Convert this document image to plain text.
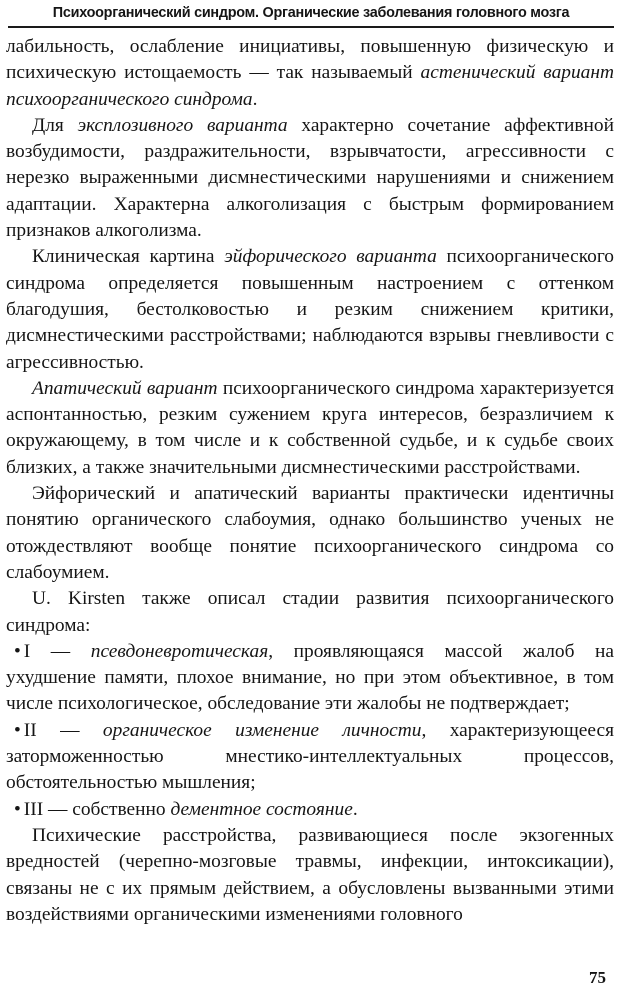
Психоорганический синдром. Органические заболевания головного мозга

лабильность, ослабление инициативы, повышенную физическую и психическую истощаемость — так называемый астенический вариант психоорганического синдрома.

Для эксплозивного варианта характерно сочетание аффективной возбудимости, раздражительности, взрывчатости, агрессивности с нерезко выраженными дисмнестическими нарушениями и снижением адаптации. Характерна алкоголизация с быстрым формированием признаков алкоголизма.

Клиническая картина эйфорического варианта психоорганического синдрома определяется повышенным настроением с оттенком благодушия, бестолковостью и резким снижением критики, дисмнестическими расстройствами; наблюдаются взрывы гневливости с агрессивностью.

Апатический вариант психоорганического синдрома характеризуется аспонтанностью, резким сужением круга интересов, безразличием к окружающему, в том числе и к собственной судьбе, и к судьбе своих близких, а также значительными дисмнестическими расстройствами.

Эйфорический и апатический варианты практически идентичны понятию органического слабоумия, однако большинство ученых не отождествляют вообще понятие психоорганического синдрома со слабоумием.

U. Kirsten также описал стадии развития психоорганического синдрома:

• I — псевдоневротическая, проявляющаяся массой жалоб на ухудшение памяти, плохое внимание, но при этом объективное, в том числе психологическое, обследование эти жалобы не подтверждает;
• II — органическое изменение личности, характеризующееся заторможенностью мнестико-интеллектуальных процессов, обстоятельностью мышления;
• III — собственно дементное состояние.

Психические расстройства, развивающиеся после экзогенных вредностей (черепно-мозговые травмы, инфекции, интоксикации), связаны не с их прямым действием, а обусловлены вызванными этими воздействиями органическими изменениями головного

75
